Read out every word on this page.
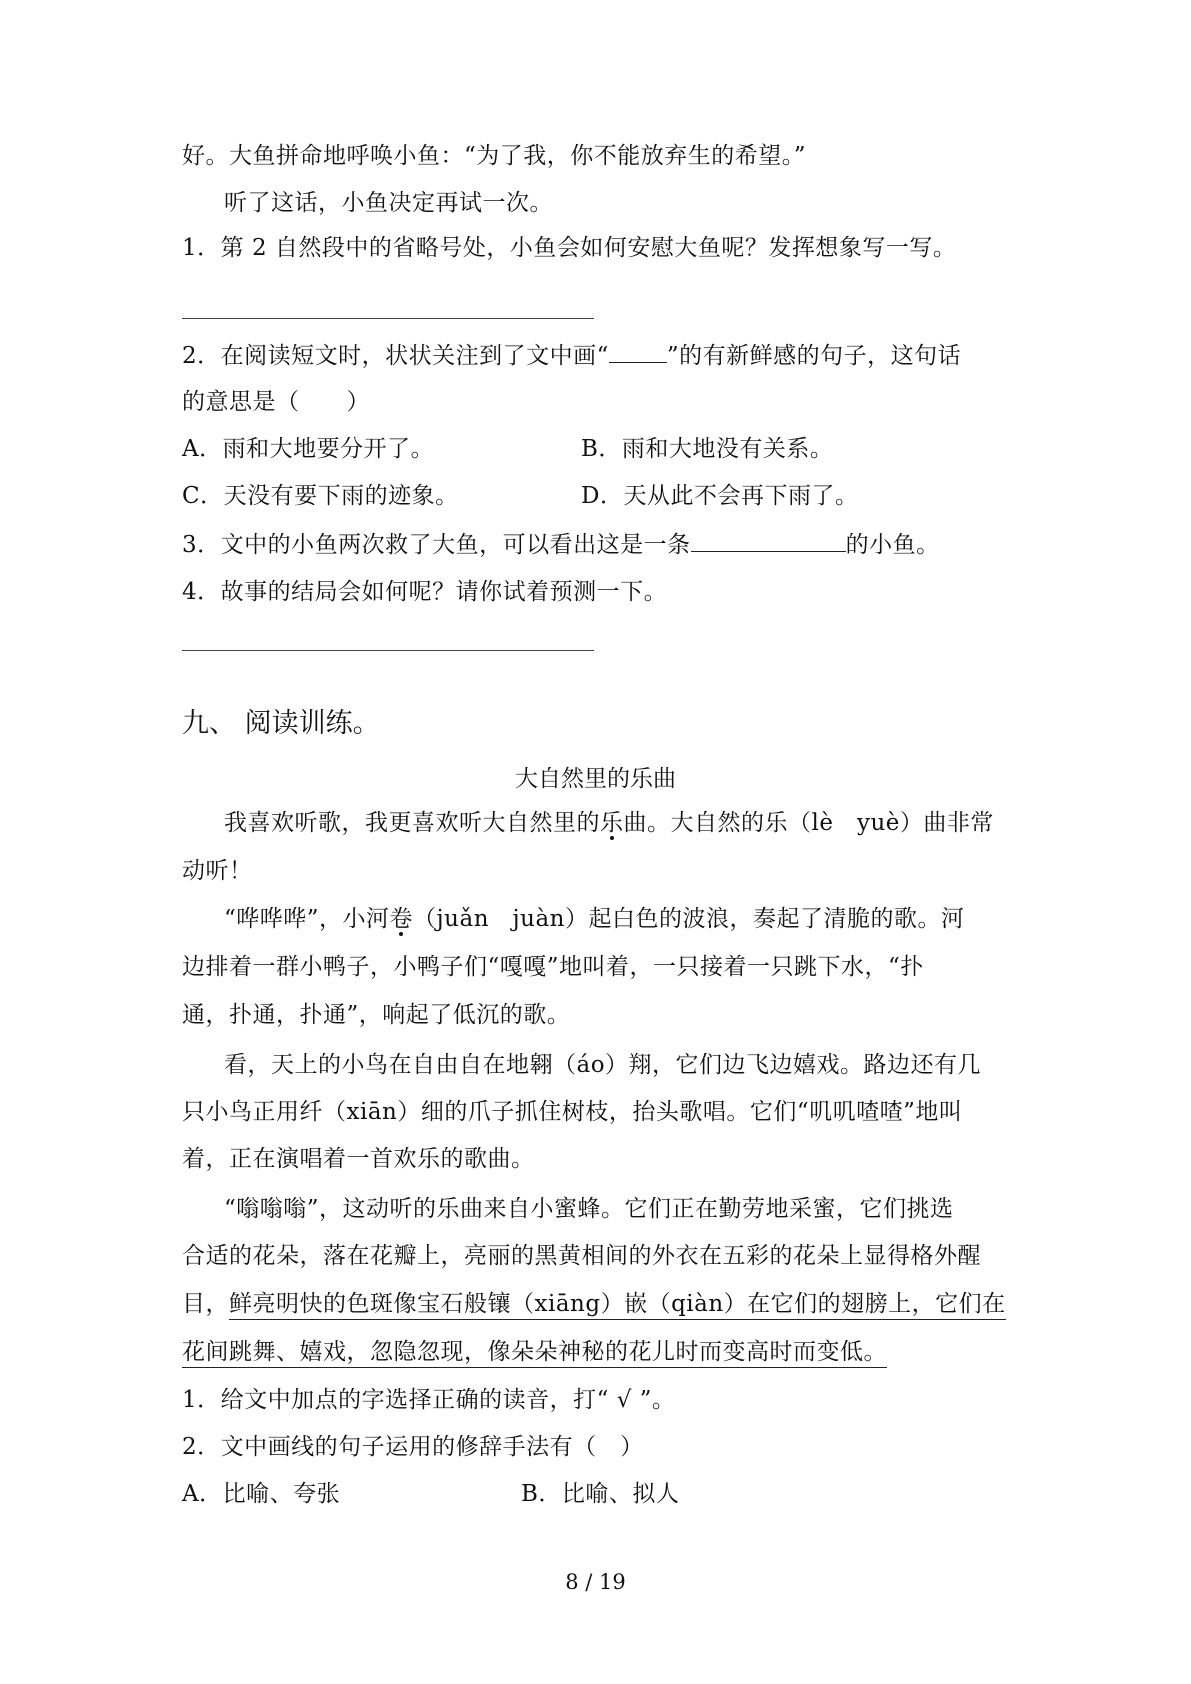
好。大鱼拼命地呼唤小鱼：“为了我，你不能放弃生的希望。”
听了这话，小鱼决定再试一次。
1．第 2 自然段中的省略号处，小鱼会如何安慰大鱼呢？发挥想象写一写。
2．在阅读短文时，状状关注到了文中画“	”的有新鲜感的句子，这句话
的意思是（　　）
A．雨和大地要分开了。	B．雨和大地没有关系。
C．天没有要下雨的迹象。	D．天从此不会再下雨了。
3．文中的小鱼两次救了大鱼，可以看出这是一条	的小鱼。
4．故事的结局会如何呢？请你试着预测一下。
九、 阅读训练。
大自然里的乐曲
我喜欢听歌，我更喜欢听大自然里的乐曲。大自然的乐（lè　yuè）曲非常
动听！
“哗哗哗”，小河卷（juǎn　juàn）起白色的波浪，奏起了清脆的歌。河
边排着一群小鸭子，小鸭子们“嘎嘎”地叫着，一只接着一只跳下水，“扑
通，扑通，扑通”，响起了低沉的歌。
看，天上的小鸟在自由自在地翱（áo）翔，它们边飞边嬉戏。路边还有几
只小鸟正用纤（xiān）细的爪子抓住树枝，抬头歌唱。它们“叽叽喳喳”地叫
着，正在演唱着一首欢乐的歌曲。
“嗡嗡嗡”，这动听的乐曲来自小蜜蜂。它们正在勤劳地采蜜，它们挑选
合适的花朵，落在花瓣上，亮丽的黑黄相间的外衣在五彩的花朵上显得格外醒
目，鲜亮明快的色斑像宝石般镶（xiāng）嵌（qiàn）在它们的翅膀上，它们在
花间跳舞、嬉戏，忽隐忽现，像朵朵神秘的花儿时而变高时而变低。
1．给文中加点的字选择正确的读音，打“ √ ”。
2．文中画线的句子运用的修辞手法有（　）
A．比喻、夸张	B．比喻、拟人
8 / 19
